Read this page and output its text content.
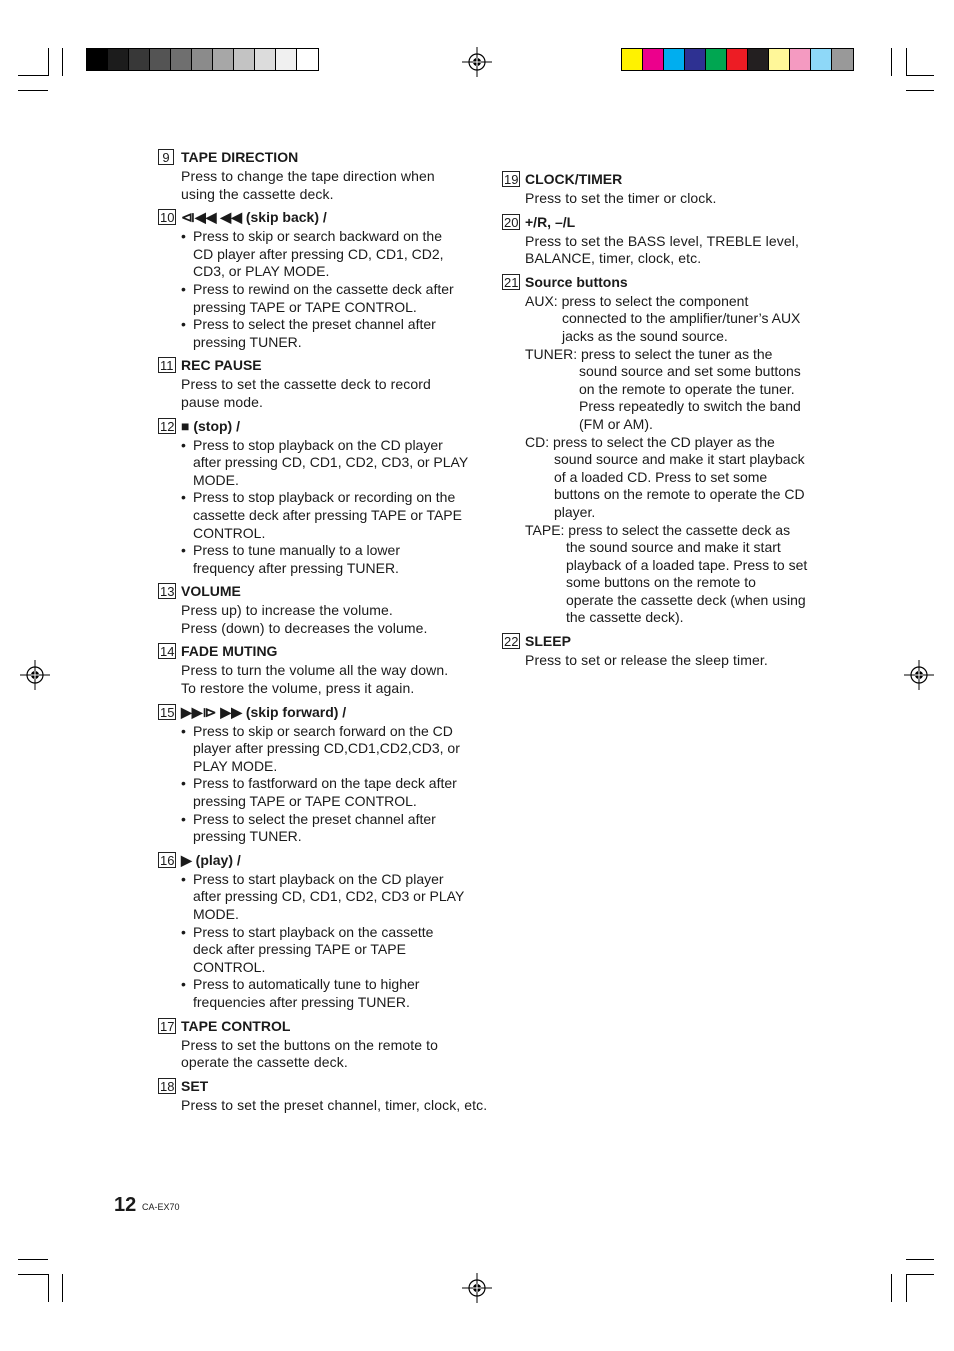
9 TAPE DIRECTION
Press to change the tape direction when
using the cassette deck.
10 ⧏◀◀ ◀◀ (skip back) /
• Press to skip or search backward on the
CD player after pressing CD, CD1, CD2,
CD3, or PLAY MODE.
• Press to rewind on the cassette deck after
pressing TAPE or TAPE CONTROL.
• Press to select the preset channel after
pressing TUNER.
11 REC PAUSE
Press to set the cassette deck to record
pause mode.
12 ■ (stop) /
• Press to stop playback on the CD player
after pressing CD, CD1, CD2, CD3, or PLAY
MODE.
• Press to stop playback or recording on the
cassette deck after pressing TAPE or TAPE
CONTROL.
• Press to tune manually to a lower
frequency after pressing TUNER.
13 VOLUME
Press up) to increase the volume.
Press (down) to decreases the volume.
14 FADE MUTING
Press to turn the volume all the way down.
To restore the volume, press it again.
15 ▶▶⧐ ▶▶ (skip forward) /
• Press to skip or search forward on the CD
player after pressing CD,CD1,CD2,CD3, or
PLAY MODE.
• Press to fastforward on the tape deck after
pressing TAPE or TAPE CONTROL.
• Press to select the preset channel after
pressing TUNER.
16 ▶ (play) /
• Press to start playback on the CD player
after pressing CD, CD1, CD2, CD3 or PLAY
MODE.
• Press to start playback on the cassette
deck after pressing TAPE or TAPE
CONTROL.
• Press to automatically tune to higher
frequencies after pressing TUNER.
17 TAPE CONTROL
Press to set the buttons on the remote to
operate the cassette deck.
18 SET
Press to set the preset channel, timer, clock, etc.
19 CLOCK/TIMER
Press to set the timer or clock.
20 +/R, –/L
Press to set the BASS level, TREBLE level,
BALANCE, timer, clock, etc.
21 Source buttons
AUX: press to select the component
connected to the amplifier/tuner’s AUX
jacks as the sound source.
TUNER: press to select the tuner as the
sound source and set some buttons
on the remote to operate the tuner.
Press repeatedly to switch the band
(FM or AM).
CD: press to select the CD player as the
sound source and make it start playback
of a loaded CD. Press to set some
buttons on the remote to operate the CD
player.
TAPE: press to select the cassette deck as
the sound source and make it start
playback of a loaded tape. Press to set
some buttons on the remote to
operate the cassette deck (when using
the cassette deck).
22 SLEEP
Press to set or release the sleep timer.
12 CA-EX70
